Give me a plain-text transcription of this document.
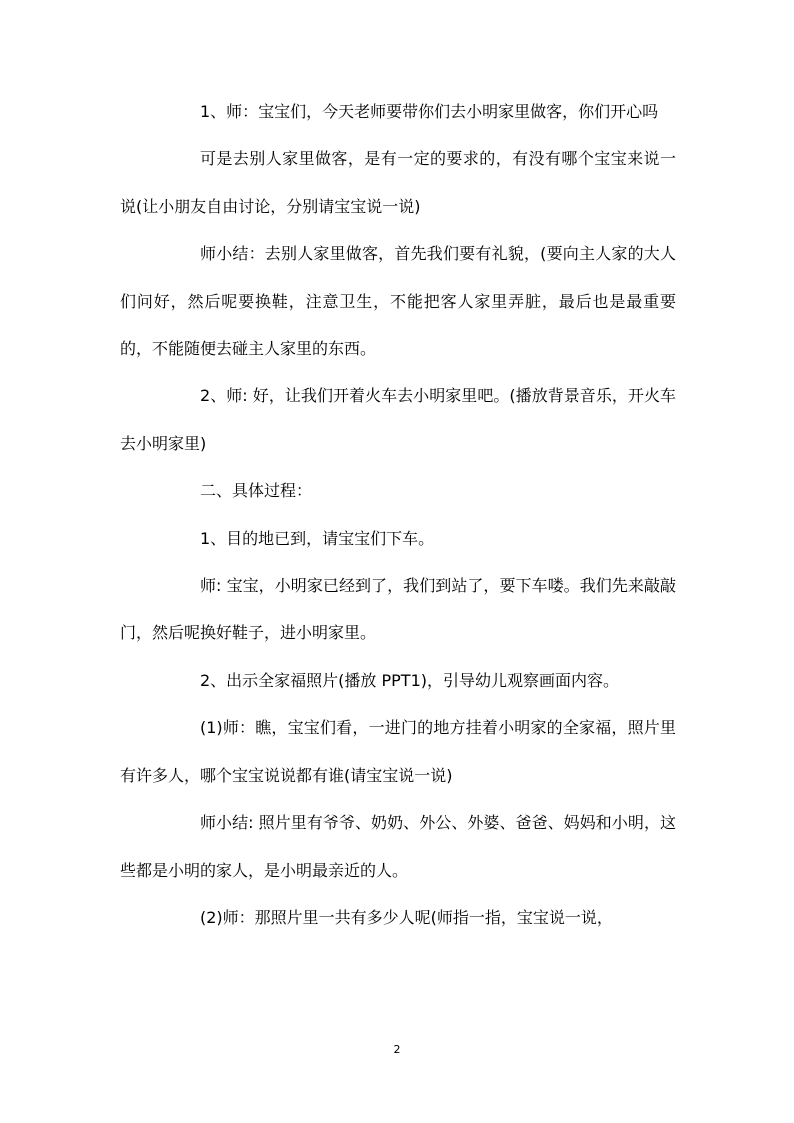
1、师：宝宝们，今天老师要带你们去小明家里做客，你们开心吗

可是去别人家里做客，是有一定的要求的，有没有哪个宝宝来说一说(让小朋友自由讨论，分别请宝宝说一说)

师小结：去别人家里做客，首先我们要有礼貌，(要向主人家的大人们问好，然后呢要换鞋，注意卫生，不能把客人家里弄脏，最后也是最重要的，不能随便去碰主人家里的东西。

2、师: 好，让我们开着火车去小明家里吧。(播放背景音乐，开火车去小明家里)

二、具体过程：

1、目的地已到，请宝宝们下车。

师: 宝宝，小明家已经到了，我们到站了，要下车喽。我们先来敲敲门，然后呢换好鞋子，进小明家里。

2、出示全家福照片(播放 PPT1)，引导幼儿观察画面内容。

(1)师：瞧，宝宝们看，一进门的地方挂着小明家的全家福，照片里有许多人，哪个宝宝说说都有谁(请宝宝说一说)

师小结: 照片里有爷爷、奶奶、外公、外婆、爸爸、妈妈和小明，这些都是小明的家人，是小明最亲近的人。

(2)师：那照片里一共有多少人呢(师指一指，宝宝说一说，

2
